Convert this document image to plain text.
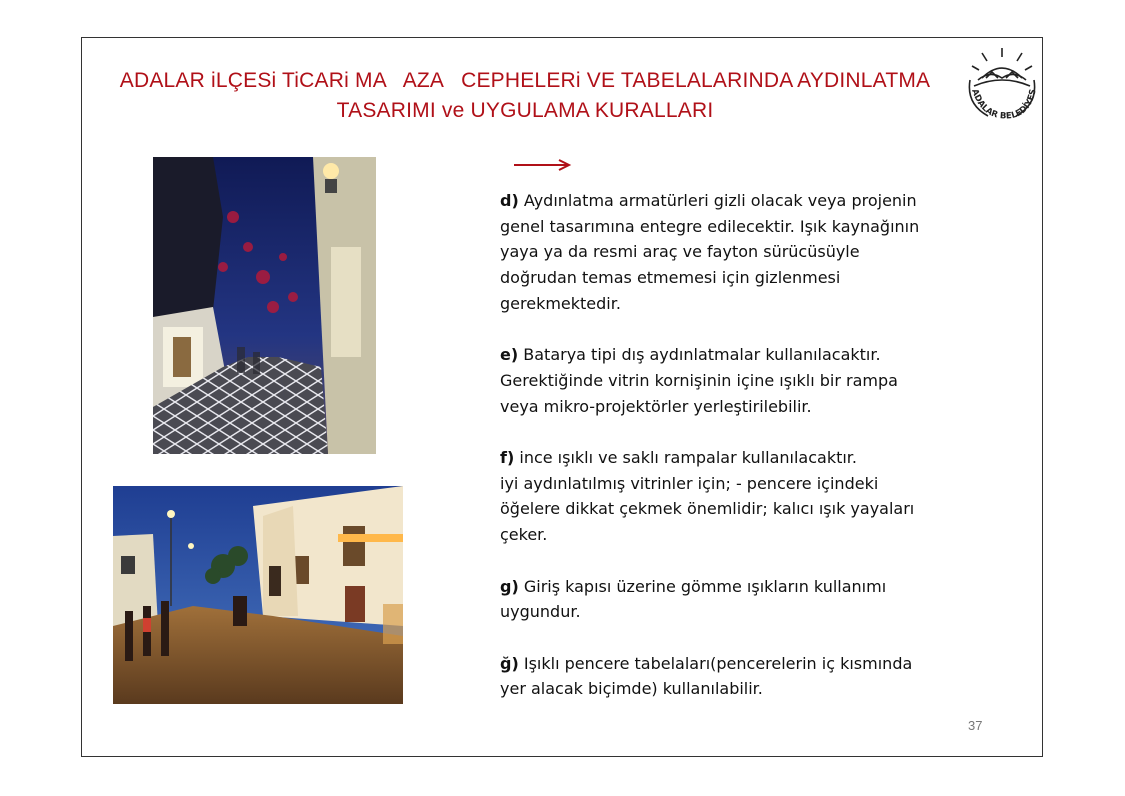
ADALAR iLÇESi TiCARi MA   AZA   CEPHELERi VE TABELALARINDA AYDINLATMA
TASARIMI ve UYGULAMA KURALLARI
ADALAR BELEDİYES
d) Aydınlatma armatürleri gizli olacak veya projenin
genel tasarımına entegre edilecektir. Işık kaynağının
yaya ya da resmi araç ve fayton sürücüsüyle
doğrudan temas etmemesi için gizlenmesi
gerekmektedir.
e) Batarya tipi dış aydınlatmalar kullanılacaktır.
Gerektiğinde vitrin kornişinin içine ışıklı bir rampa
veya mikro-projektörler yerleştirilebilir.
f) ince ışıklı ve saklı rampalar kullanılacaktır.
iyi aydınlatılmış vitrinler için; - pencere içindeki
öğelere dikkat çekmek önemlidir; kalıcı ışık yayaları
çeker.
g) Giriş kapısı üzerine gömme ışıkların kullanımı
uygundur.
ğ) Işıklı pencere tabelaları(pencerelerin iç kısmında
yer alacak biçimde) kullanılabilir.
37
